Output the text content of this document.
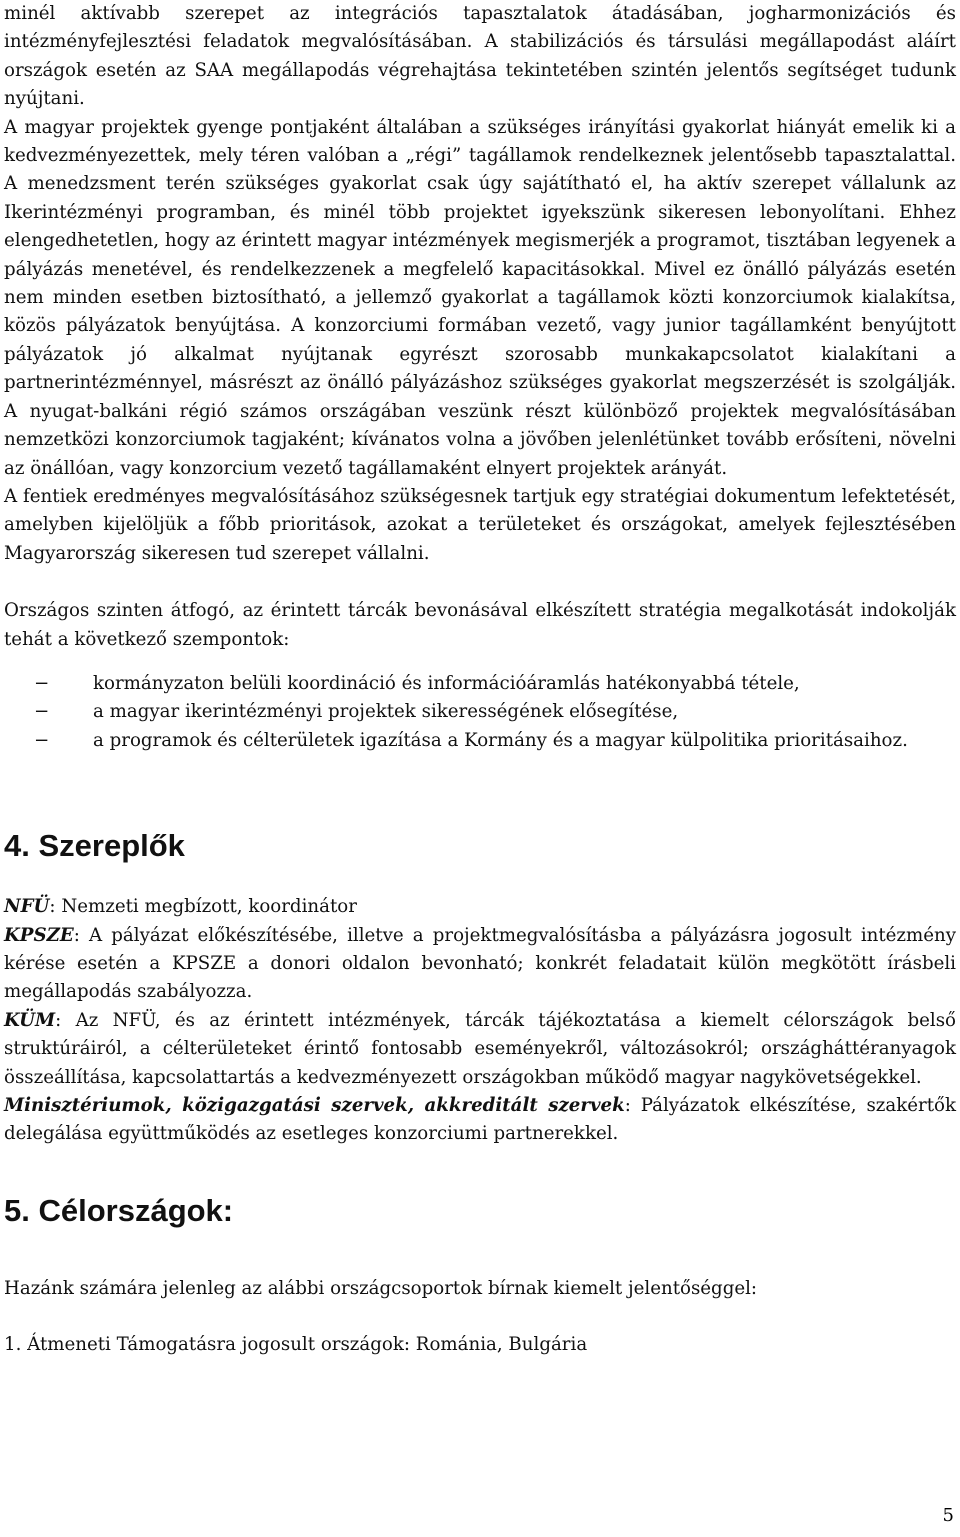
minél aktívabb szerepet az integrációs tapasztalatok átadásában, jogharmonizációs és intézményfejlesztési feladatok megvalósításában. A stabilizációs és társulási megállapodást aláírt országok esetén az SAA megállapodás végrehajtása tekintetében szintén jelentős segítséget tudunk nyújtani.

A magyar projektek gyenge pontjaként általában a szükséges irányítási gyakorlat hiányát emelik ki a kedvezményezettek, mely téren valóban a „régi” tagállamok rendelkeznek jelentősebb tapasztalattal. A menedzsment terén szükséges gyakorlat csak úgy sajátítható el, ha aktív szerepet vállalunk az Ikerintézményi programban, és minél több projektet igyekszünk sikeresen lebonyolítani. Ehhez elengedhetetlen, hogy az érintett magyar intézmények megismerjék a programot, tisztában legyenek a pályázás menetével, és rendelkezzenek a megfelelő kapacitásokkal. Mivel ez önálló pályázás esetén nem minden esetben biztosítható, a jellemző gyakorlat a tagállamok közti konzorciumok kialakítsa, közös pályázatok benyújtása. A konzorciumi formában vezető, vagy junior tagállamként benyújtott pályázatok jó alkalmat nyújtanak egyrészt szorosabb munkakapcsolatot kialakítani a partnerintézménnyel, másrészt az önálló pályázáshoz szükséges gyakorlat megszerzését is szolgálják. A nyugat-balkáni régió számos országában veszünk részt különböző projektek megvalósításában nemzetközi konzorciumok tagjaként; kívánatos volna a jövőben jelenlétünket tovább erősíteni, növelni az önállóan, vagy konzorcium vezető tagállamaként elnyert projektek arányát.

A fentiek eredményes megvalósításához szükségesnek tartjuk egy stratégiai dokumentum lefektetését, amelyben kijelöljük a főbb prioritások, azokat a területeket és országokat, amelyek fejlesztésében Magyarország sikeresen tud szerepet vállalni.

Országos szinten átfogó, az érintett tárcák bevonásával elkészített stratégia megalkotását indokolják tehát a következő szempontok:

− kormányzaton belüli koordináció és információáramlás hatékonyabbá tétele,
− a magyar ikerintézményi projektek sikerességének elősegítése,
− a programok és célterületek igazítása a Kormány és a magyar külpolitika prioritásaihoz.
4. Szereplők
NFÜ: Nemzeti megbízott, koordinátor
KPSZE: A pályázat előkészítésébe, illetve a projektmegvalósításba a pályázásra jogosult intézmény kérése esetén a KPSZE a donori oldalon bevonható; konkrét feladatait külön megkötött írásbeli megállapodás szabályozza.
KÜM: Az NFÜ, és az érintett intézmények, tárcák tájékoztatása a kiemelt célországok belső struktúráiról, a célterületeket érintő fontosabb eseményekről, változásokról; országháttéranyagok összeállítása, kapcsolattartás a kedvezményezett országokban működő magyar nagykövetségekkel.
Minisztériumok, közigazgatási szervek, akkreditált szervek: Pályázatok elkészítése, szakértők delegálása együttműködés az esetleges konzorciumi partnerekkel.
5. Célországok:

Hazánk számára jelenleg az alábbi országcsoportok bírnak kiemelt jelentőséggel:

1. Átmeneti Támogatásra jogosult országok: Románia, Bulgária

5
